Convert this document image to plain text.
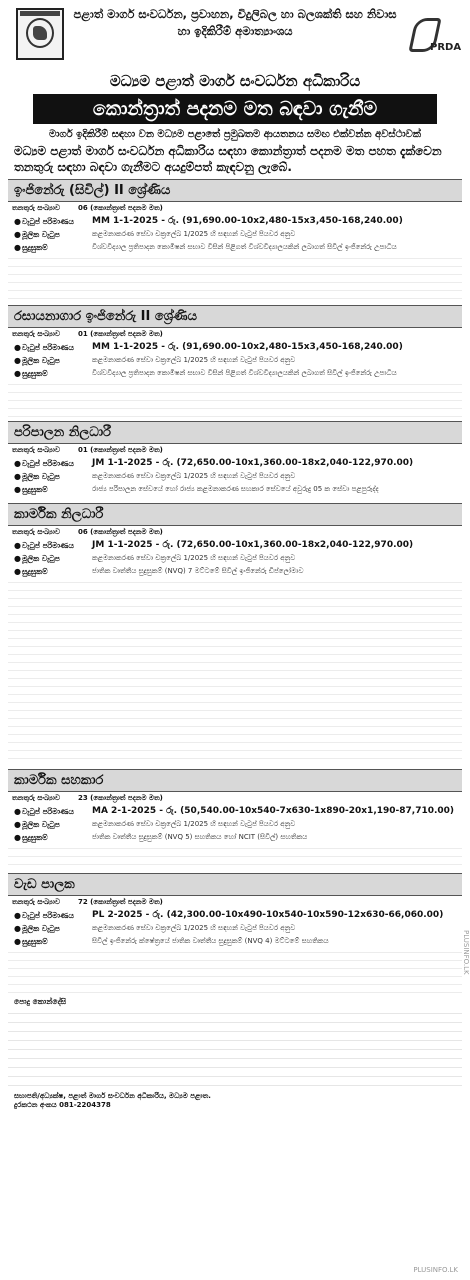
PRDA
පළාත් මාර්ග සංවර්ධන, ප්‍රවාහන, විදුලිබල හා බලශක්ති සහ නිවාස හා ඉදිකිරීම් අමාත්‍යාංශය
මධ්‍යම පළාත් මාර්ග සංවර්ධන අධිකාරිය
කොන්ත්‍රාත් පදනම මත බඳවා ගැනීම
මාර්ග ඉදිකිරීම් සඳහා වන මධ්‍යම පළාතේ ප්‍රමුඛතම ආයතනය සමඟ එක්වන්න අවස්ථාවක්
මධ්‍යම පළාත් මාර්ග සංවර්ධන අධිකාරිය සඳහා කොන්ත්‍රාත් පදනම මත පහත දැක්වෙන තනතුරු සඳහා බඳවා ගැනීමට අයදුම්පත් කැඳවනු ලැබේ.
ඉංජිනේරු (සිවිල්) II ශ්‍රේණිය
තනතුරු සංඛ්‍යාව	06 (කොන්ත්‍රාත් පදනම මත)
● වැටුප් පරිමාණය	MM 1-1-2025 - රු. (91,690.00-10x2,480-15x3,450-168,240.00)
● මූලික වැටුප	කළමනාකරණ සේවා චක්‍රලේඛ 1/2025 හි සඳහන් වැටුප් පියවර අනුව
● සුදුසුකම්	විශ්වවිද්‍යාල ප්‍රතිපාදන කොමිෂන් සභාව විසින් පිළිගත් විශ්වවිද්‍යාලයකින් ලබාගත් සිවිල් ඉංජිනේරු උපාධිය
රසායනාගාර ඉංජිනේරු II ශ්‍රේණිය
තනතුරු සංඛ්‍යාව	01 (කොන්ත්‍රාත් පදනම මත)
● වැටුප් පරිමාණය	MM 1-1-2025 - රු. (91,690.00-10x2,480-15x3,450-168,240.00)
● මූලික වැටුප	කළමනාකරණ සේවා චක්‍රලේඛ 1/2025 හි සඳහන් වැටුප් පියවර අනුව
● සුදුසුකම්	විශ්වවිද්‍යාල ප්‍රතිපාදන කොමිෂන් සභාව විසින් පිළිගත් විශ්වවිද්‍යාලයකින් ලබාගත් සිවිල් ඉංජිනේරු උපාධිය
පරිපාලන නිලධාරී
තනතුරු සංඛ්‍යාව	01 (කොන්ත්‍රාත් පදනම මත)
● වැටුප් පරිමාණය	JM 1-1-2025 - රු. (72,650.00-10x1,360.00-18x2,040-122,970.00)
● මූලික වැටුප	කළමනාකරණ සේවා චක්‍රලේඛ 1/2025 හි සඳහන් වැටුප් පියවර අනුව
● සුදුසුකම්	රාජ්‍ය පරිපාලන සේවයේ හෝ රාජ්‍ය කළමනාකරණ සහකාර සේවයේ අවුරුදු 05 ක සේවා පළපුරුද්ද
කාර්මික නිලධාරී
තනතුරු සංඛ්‍යාව	06 (කොන්ත්‍රාත් පදනම මත)
● වැටුප් පරිමාණය	JM 1-1-2025 - රු. (72,650.00-10x1,360.00-18x2,040-122,970.00)
● මූලික වැටුප	කළමනාකරණ සේවා චක්‍රලේඛ 1/2025 හි සඳහන් වැටුප් පියවර අනුව
● සුදුසුකම්	ජාතික වෘත්තීය සුදුසුකම් (NVQ) 7 මට්ටමේ සිවිල් ඉංජිනේරු ඩිප්ලෝමාව
කාර්මික සහකාර
තනතුරු සංඛ්‍යාව	23 (කොන්ත්‍රාත් පදනම මත)
● වැටුප් පරිමාණය	MA 2-1-2025 - රු. (50,540.00-10x540-7x630-1x890-20x1,190-87,710.00)
● මූලික වැටුප	කළමනාකරණ සේවා චක්‍රලේඛ 1/2025 හි සඳහන් වැටුප් පියවර අනුව
● සුදුසුකම්	ජාතික වෘත්තීය සුදුසුකම් (NVQ 5) සහතිකය හෝ NCIT (සිවිල්) සහතිකය
වැඩ පාලක
තනතුරු සංඛ්‍යාව	72 (කොන්ත්‍රාත් පදනම මත)
● වැටුප් පරිමාණය	PL 2-2025 - රු. (42,300.00-10x490-10x540-10x590-12x630-66,060.00)
● මූලික වැටුප	කළමනාකරණ සේවා චක්‍රලේඛ 1/2025 හි සඳහන් වැටුප් පියවර අනුව
● සුදුසුකම්	සිවිල් ඉංජිනේරු ක්ෂේත්‍රයේ ජාතික වෘත්තීය සුදුසුකම් (NVQ 4) මට්ටමේ සහතිකය
පොදු කොන්දේසි
සභාපති/අධ්‍යක්ෂ, පළාත් මාර්ග සංවර්ධන අධිකාරිය, මධ්‍යම පළාත.
දුරකථන අංකය 081-2204378
PLUSINFO.LK
PLUSINFO.LK
